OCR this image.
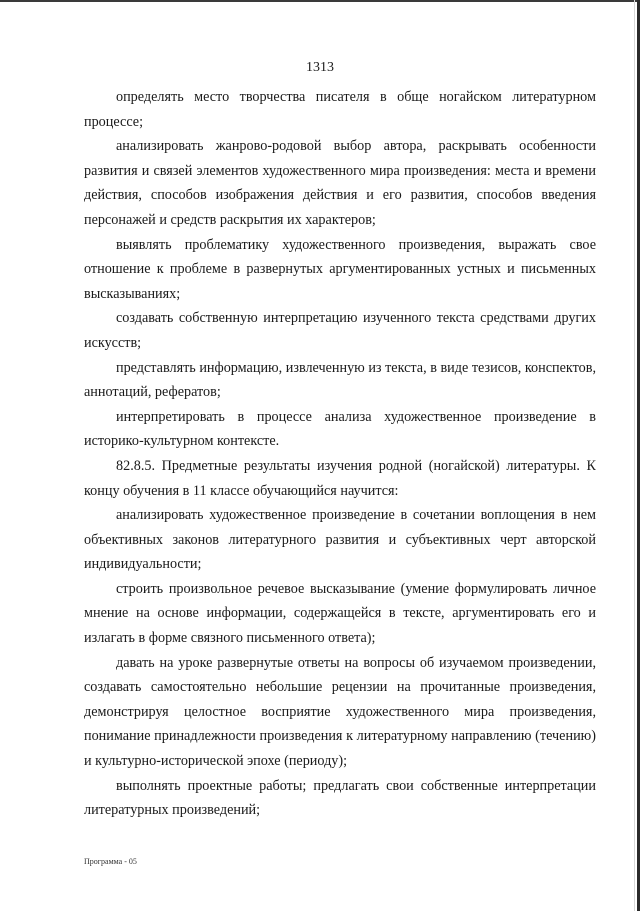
1313

определять место творчества писателя в обще ногайском литературном процессе;

анализировать жанрово-родовой выбор автора, раскрывать особенности развития и связей элементов художественного мира произведения: места и времени действия, способов изображения действия и его развития, способов введения персонажей и средств раскрытия их характеров;

выявлять проблематику художественного произведения, выражать свое отношение к проблеме в развернутых аргументированных устных и письменных высказываниях;

создавать собственную интерпретацию изученного текста средствами других искусств;

представлять информацию, извлеченную из текста, в виде тезисов, конспектов, аннотаций, рефератов;

интерпретировать в процессе анализа художественное произведение в историко-культурном контексте.

82.8.5. Предметные результаты изучения родной (ногайской) литературы. К концу обучения в 11 классе обучающийся научится:

анализировать художественное произведение в сочетании воплощения в нем объективных законов литературного развития и субъективных черт авторской индивидуальности;

строить произвольное речевое высказывание (умение формулировать личное мнение на основе информации, содержащейся в тексте, аргументировать его и излагать в форме связного письменного ответа);

давать на уроке развернутые ответы на вопросы об изучаемом произведении, создавать самостоятельно небольшие рецензии на прочитанные произведения, демонстрируя целостное восприятие художественного мира произведения, понимание принадлежности произведения к литературному направлению (течению) и культурно-исторической эпохе (периоду);

выполнять проектные работы; предлагать свои собственные интерпретации литературных произведений;

Программа - 05
